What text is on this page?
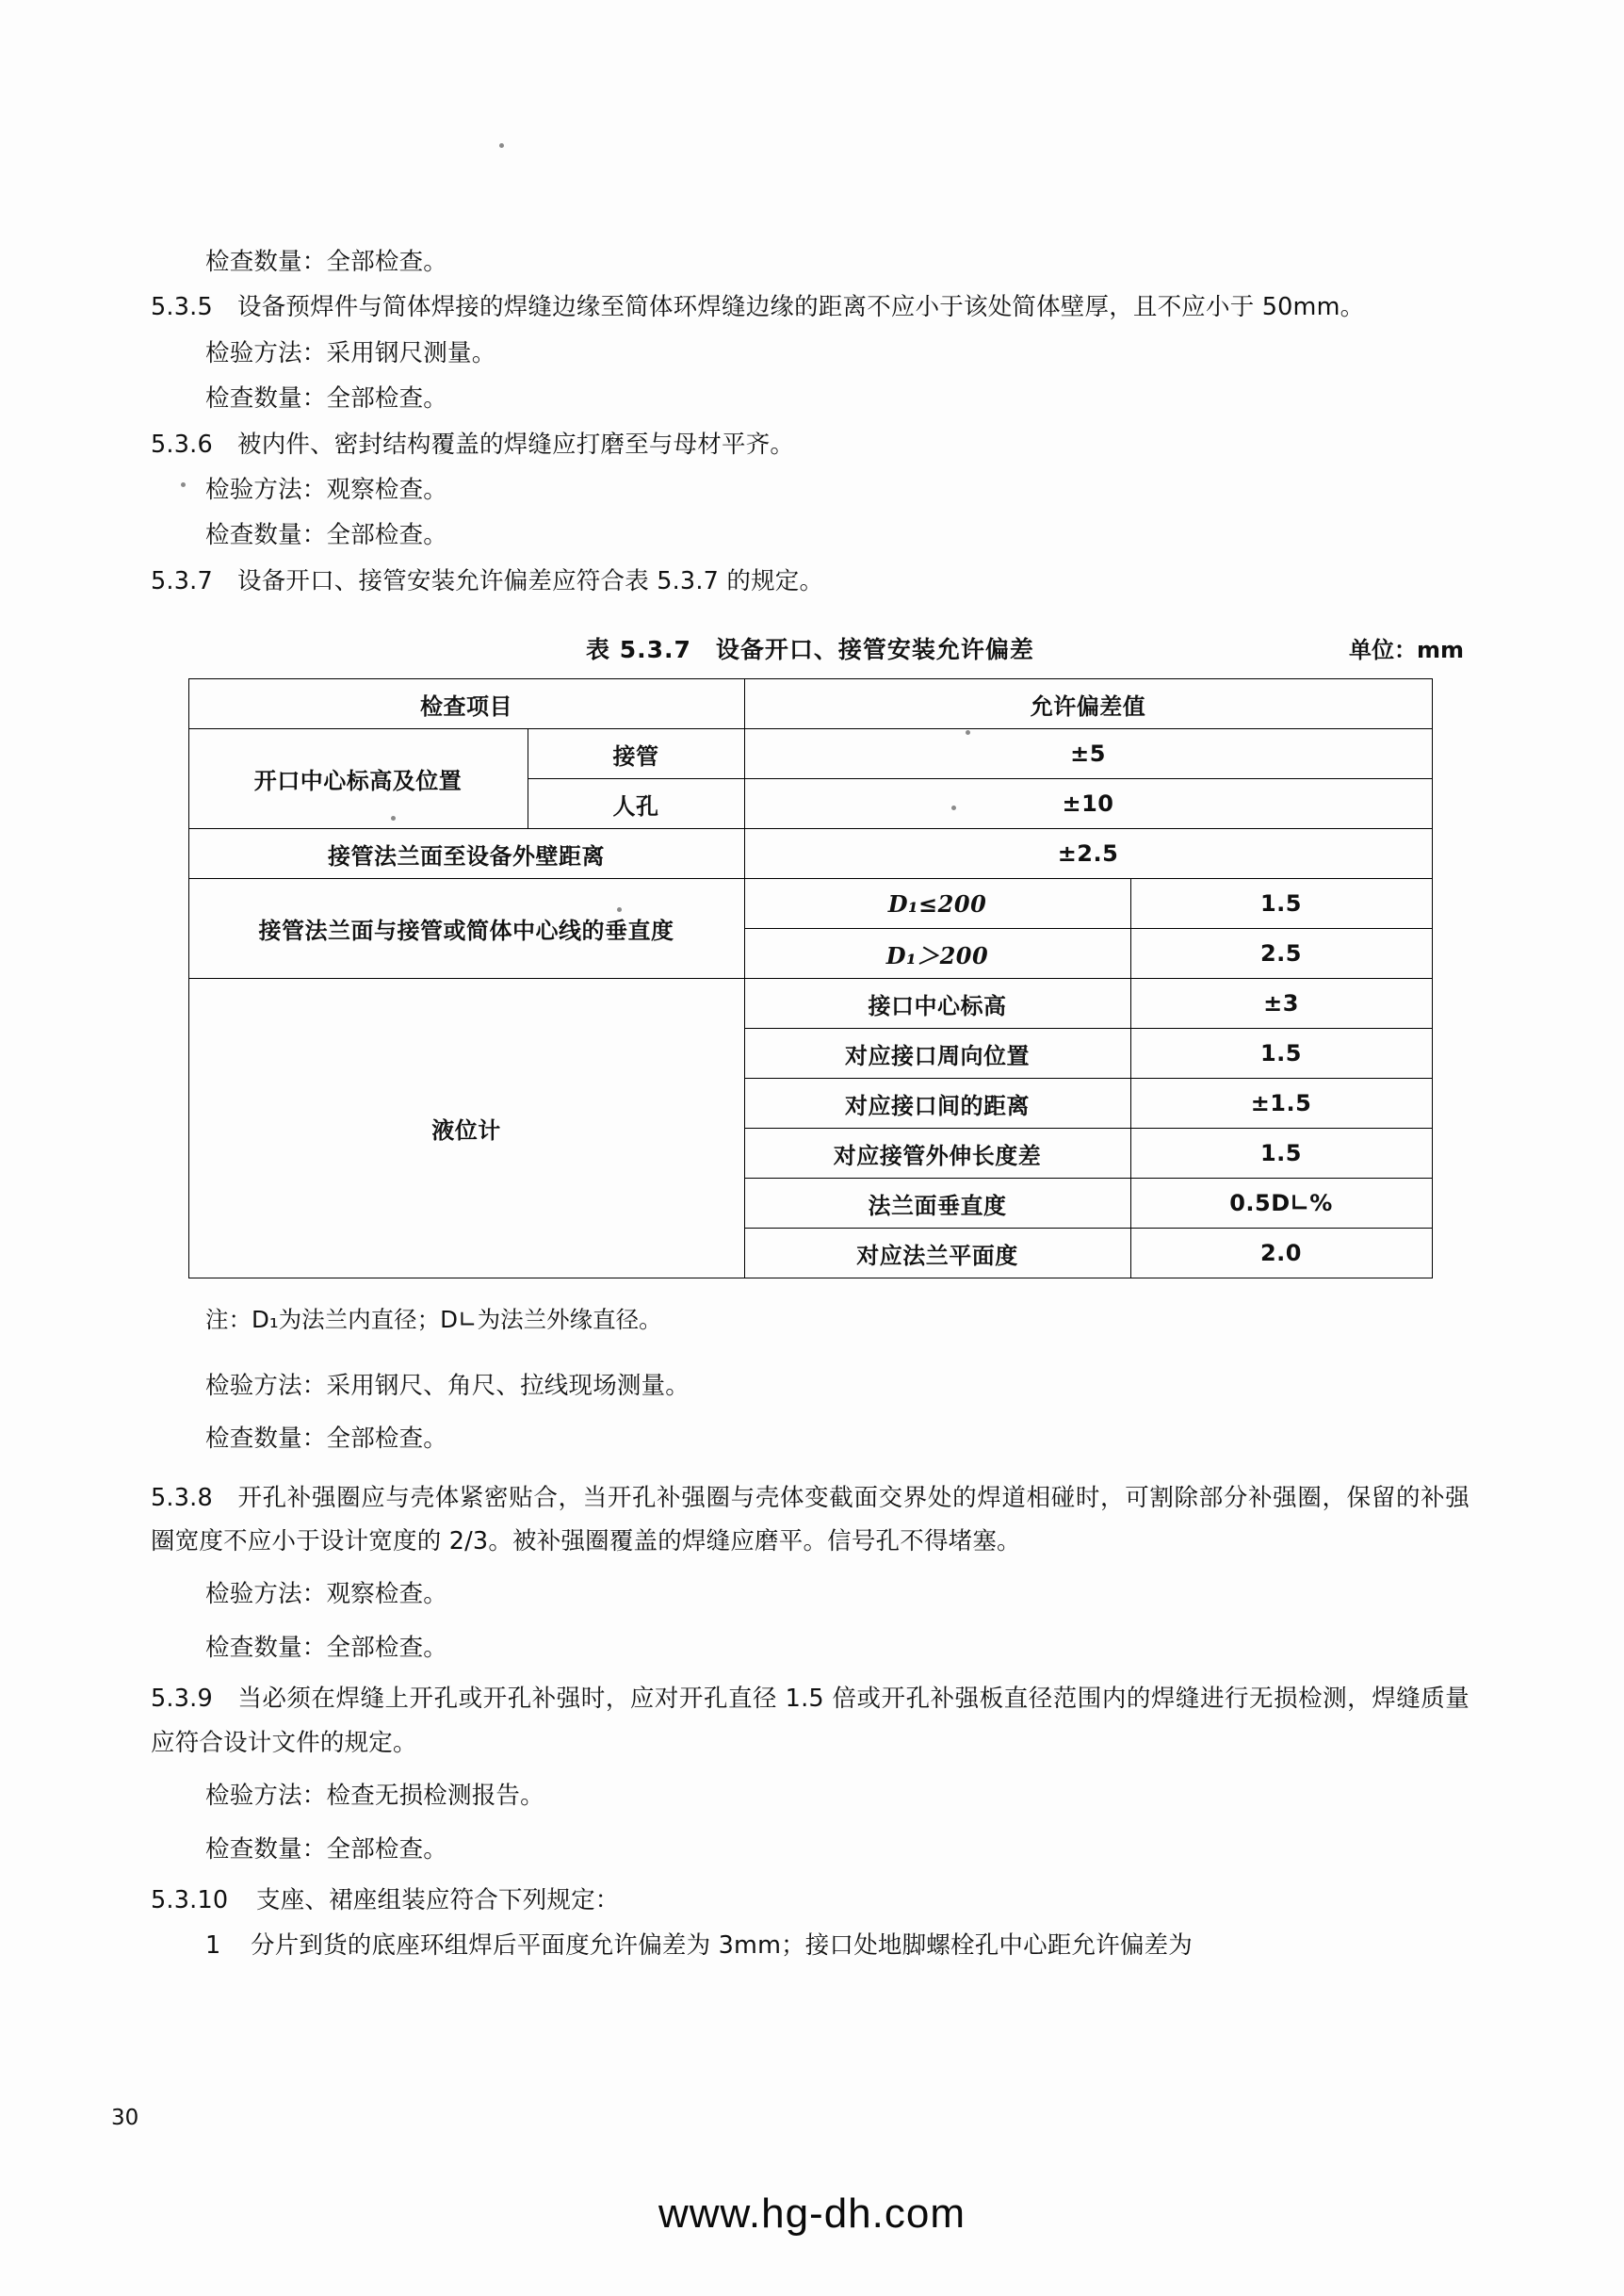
检查数量：全部检查。

5.3.5 设备预焊件与简体焊接的焊缝边缘至简体环焊缝边缘的距离不应小于该处简体壁厚，且不应小于 50mm。

检验方法：采用钢尺测量。

检查数量：全部检查。

5.3.6 被内件、密封结构覆盖的焊缝应打磨至与母材平齐。

检验方法：观察检查。

检查数量：全部检查。

5.3.7 设备开口、接管安装允许偏差应符合表 5.3.7 的规定。

表 5.3.7　设备开口、接管安装允许偏差	单位：mm
检查项目		允许偏差值	
开口中心标高及位置	接管	±5	
	人孔	±10	
接管法兰面至设备外壁距离		±2.5	
接管法兰面与接管或简体中心线的垂直度		D₁≤200	1.5
		D₁＞200	2.5
液位计		接口中心标高	±3
		对应接口周向位置	1.5
		对应接口间的距离	±1.5
		对应接管外伸长度差	1.5
		法兰面垂直度	0.5D∟%
		对应法兰平面度	2.0

注：D₁为法兰内直径；D∟为法兰外缘直径。

检验方法：采用钢尺、角尺、拉线现场测量。

检查数量：全部检查。

5.3.8 开孔补强圈应与壳体紧密贴合，当开孔补强圈与壳体变截面交界处的焊道相碰时，可割除部分补强圈，保留的补强圈宽度不应小于设计宽度的 2/3。被补强圈覆盖的焊缝应磨平。信号孔不得堵塞。

检验方法：观察检查。

检查数量：全部检查。

5.3.9 当必须在焊缝上开孔或开孔补强时，应对开孔直径 1.5 倍或开孔补强板直径范围内的焊缝进行无损检测，焊缝质量应符合设计文件的规定。

检验方法：检查无损检测报告。

检查数量：全部检查。

5.3.10 支座、裙座组装应符合下列规定：

1 分片到货的底座环组焊后平面度允许偏差为 3mm；接口处地脚螺栓孔中心距允许偏差为

30
www.hg-dh.com
